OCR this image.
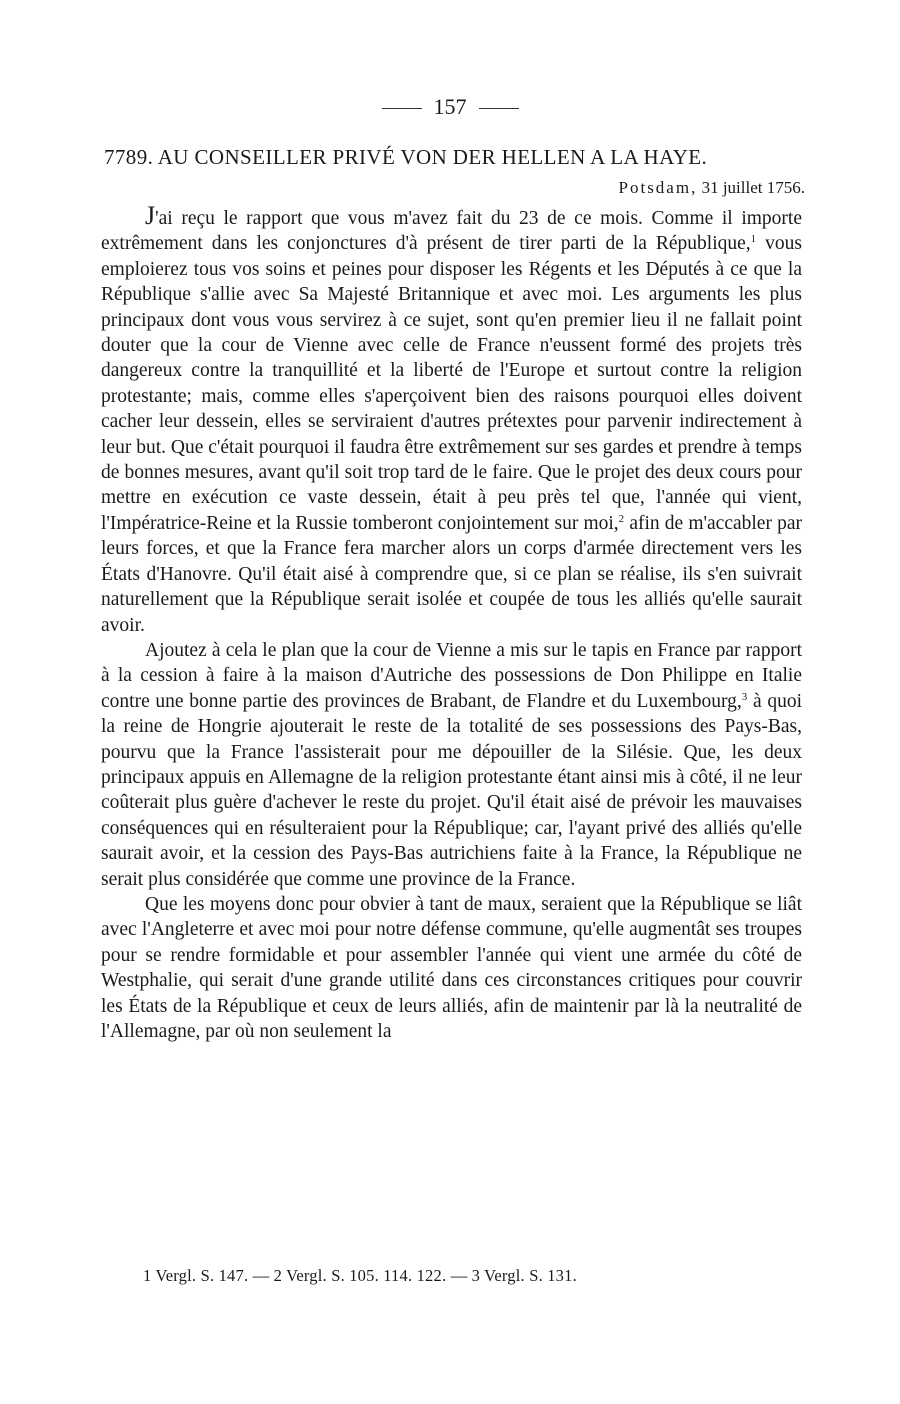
157
7789. AU CONSEILLER PRIVÉ VON DER HELLEN A LA HAYE.
Potsdam, 31 juillet 1756.

J'ai reçu le rapport que vous m'avez fait du 23 de ce mois. Comme il importe extrêmement dans les conjonctures d'à présent de tirer parti de la République,$^1$ vous emploierez tous vos soins et peines pour disposer les Régents et les Députés à ce que la République s'allie avec Sa Majesté Britannique et avec moi. Les arguments les plus principaux dont vous vous servirez à ce sujet, sont qu'en premier lieu il ne fallait point douter que la cour de Vienne avec celle de France n'eussent formé des projets très dangereux contre la tranquillité et la liberté de l'Europe et surtout contre la religion protestante; mais, comme elles s'aperçoivent bien des raisons pourquoi elles doivent cacher leur dessein, elles se serviraient d'autres prétextes pour parvenir indirectement à leur but. Que c'était pourquoi il faudra être extrêmement sur ses gardes et prendre à temps de bonnes mesures, avant qu'il soit trop tard de le faire. Que le projet des deux cours pour mettre en exécution ce vaste dessein, était à peu près tel que, l'année qui vient, l'Impératrice-Reine et la Russie tomberont conjointement sur moi,$^2$ afin de m'accabler par leurs forces, et que la France fera marcher alors un corps d'armée directement vers les États d'Hanovre. Qu'il était aisé à comprendre que, si ce plan se réalise, ils s'en suivrait naturellement que la République serait isolée et coupée de tous les alliés qu'elle saurait avoir.

Ajoutez à cela le plan que la cour de Vienne a mis sur le tapis en France par rapport à la cession à faire à la maison d'Autriche des possessions de Don Philippe en Italie contre une bonne partie des provinces de Brabant, de Flandre et du Luxembourg,$^3$ à quoi la reine de Hongrie ajouterait le reste de la totalité de ses possessions des Pays-Bas, pourvu que la France l'assisterait pour me dépouiller de la Silésie. Que, les deux principaux appuis en Allemagne de la religion protestante étant ainsi mis à côté, il ne leur coûterait plus guère d'achever le reste du projet. Qu'il était aisé de prévoir les mauvaises conséquences qui en résulteraient pour la République; car, l'ayant privé des alliés qu'elle saurait avoir, et la cession des Pays-Bas autrichiens faite à la France, la République ne serait plus considérée que comme une province de la France.

Que les moyens donc pour obvier à tant de maux, seraient que la République se liât avec l'Angleterre et avec moi pour notre défense commune, qu'elle augmentât ses troupes pour se rendre formidable et pour assembler l'année qui vient une armée du côté de Westphalie, qui serait d'une grande utilité dans ces circonstances critiques pour couvrir les États de la République et ceux de leurs alliés, afin de maintenir par là la neutralité de l'Allemagne, par où non seulement la

1 Vergl. S. 147. — 2 Vergl. S. 105. 114. 122. — 3 Vergl. S. 131.
